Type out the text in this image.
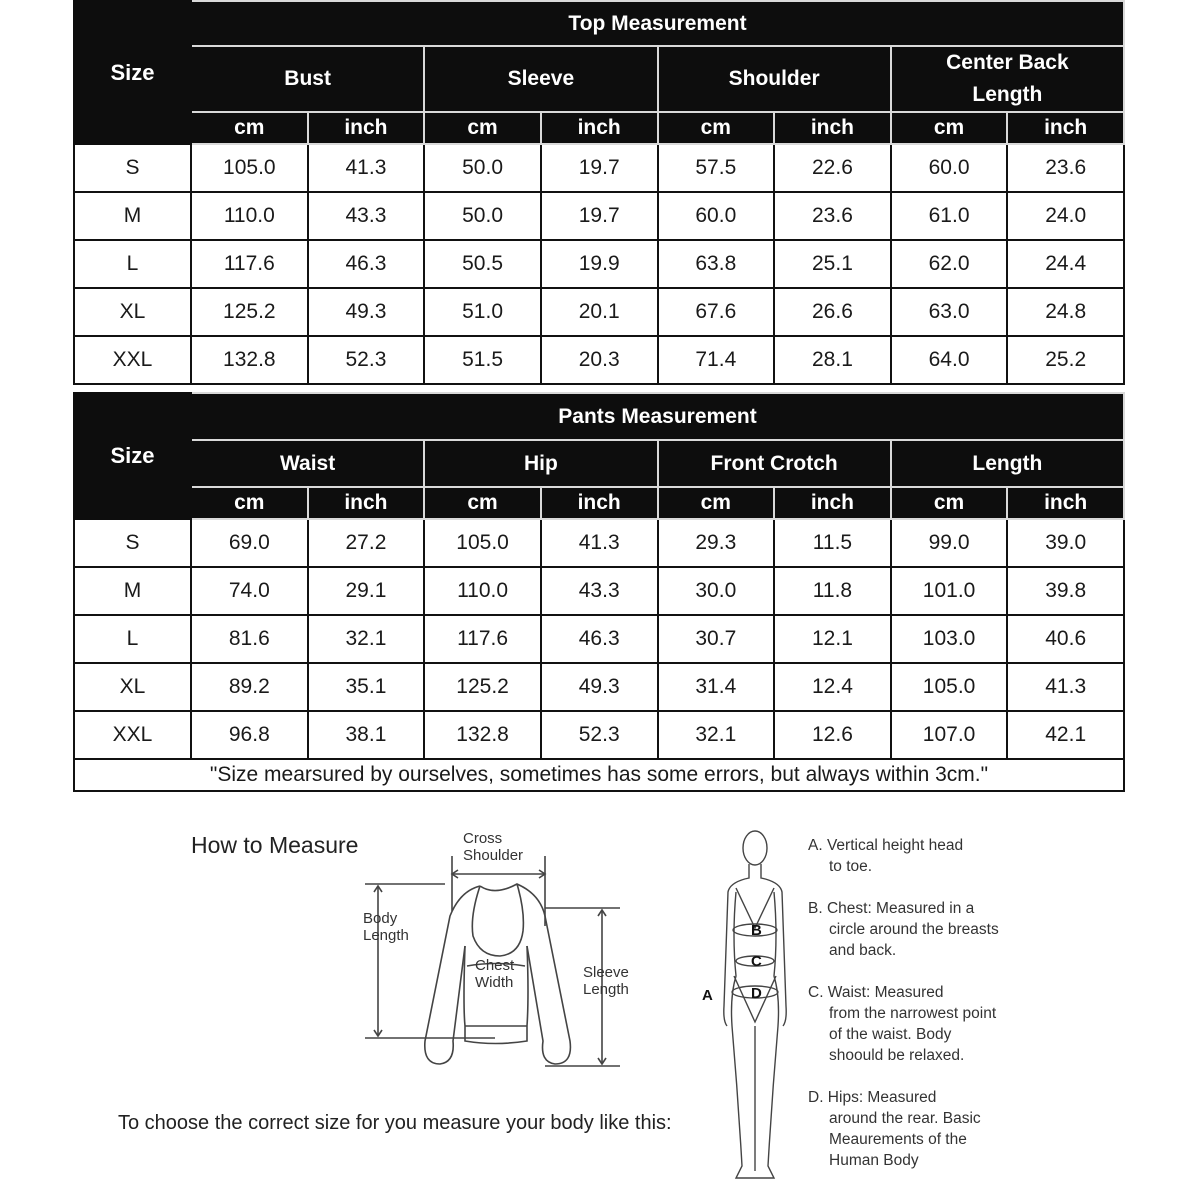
Size	Top Measurement							
	Bust		Sleeve		Shoulder		Center Back Length	
	cm	inch	cm	inch	cm	inch	cm	inch
S	105.0	41.3	50.0	19.7	57.5	22.6	60.0	23.6
M	110.0	43.3	50.0	19.7	60.0	23.6	61.0	24.0
L	117.6	46.3	50.5	19.9	63.8	25.1	62.0	24.4
XL	125.2	49.3	51.0	20.1	67.6	26.6	63.0	24.8
XXL	132.8	52.3	51.5	20.3	71.4	28.1	64.0	25.2
Size	Pants Measurement							
	Waist		Hip		Front Crotch		Length	
	cm	inch	cm	inch	cm	inch	cm	inch
S	69.0	27.2	105.0	41.3	29.3	11.5	99.0	39.0
M	74.0	29.1	110.0	43.3	30.0	11.8	101.0	39.8
L	81.6	32.1	117.6	46.3	30.7	12.1	103.0	40.6
XL	89.2	35.1	125.2	49.3	31.4	12.4	105.0	41.3
XXL	96.8	38.1	132.8	52.3	32.1	12.6	107.0	42.1
"Size mearsured by ourselves, sometimes has some errors, but always within 3cm."								
How to Measure	Cross
Shoulder
Body
Length
Chest
Width
Sleeve
Length
To choose the correct size for you measure your body like this:
B
C
D
A
A. Vertical height head
to toe.
B. Chest: Measured in a
circle around the breasts and back.
C. Waist: Measured
from the narrowest point of the waist. Body shoould be relaxed.
D. Hips: Measured
around the rear. Basic Meaurements of the Human Body
